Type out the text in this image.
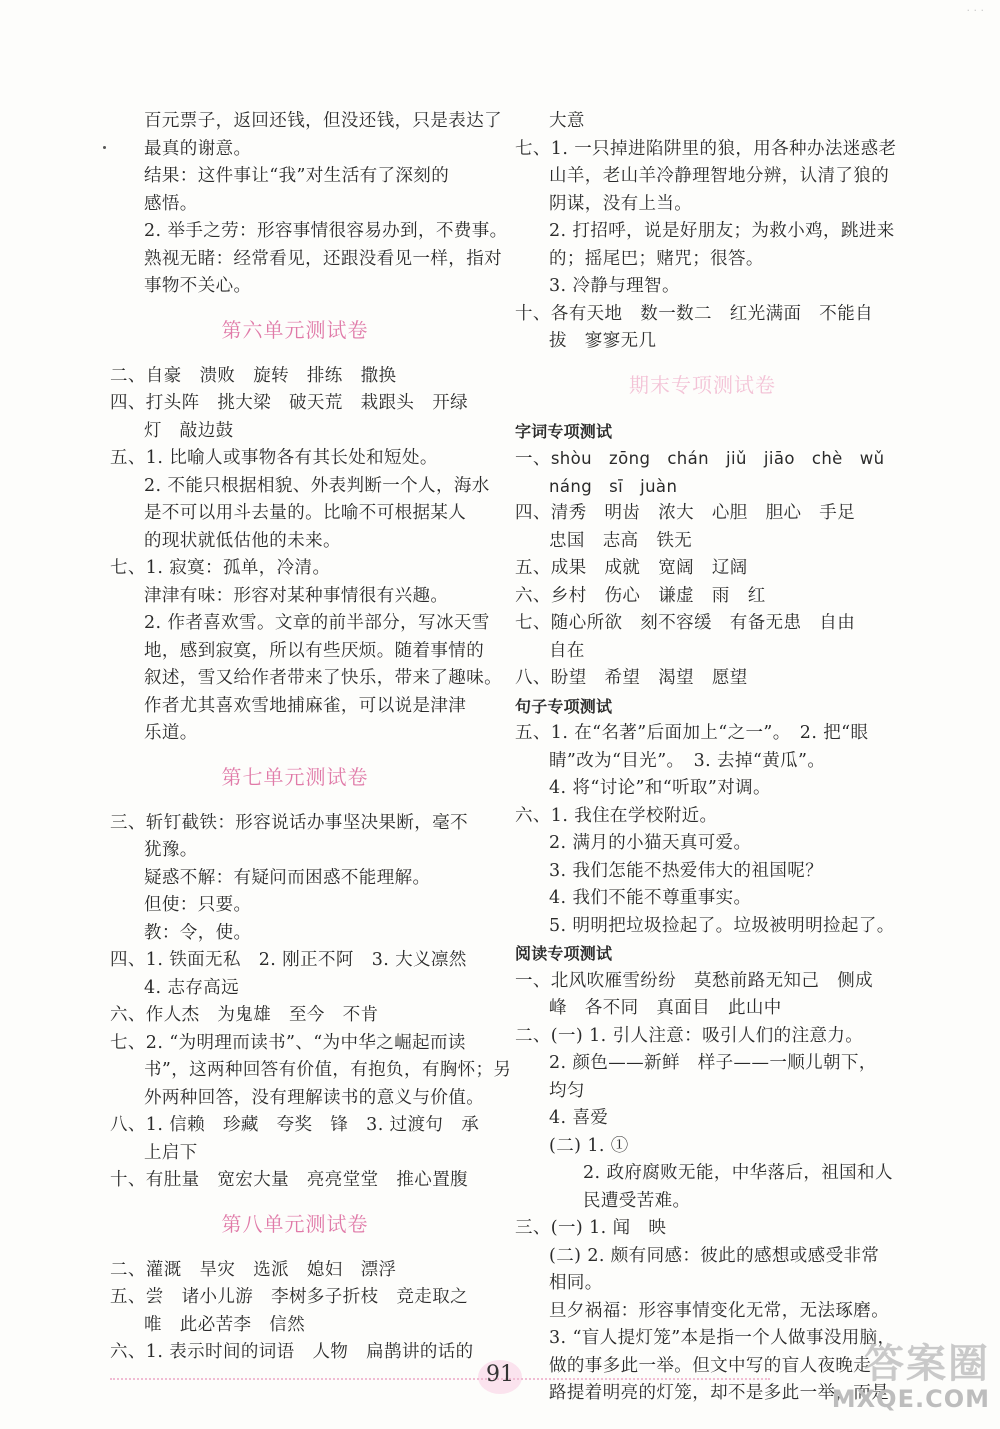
· · ·
百元票子，返回还钱，但没还钱，只是表达了
最真的谢意。
结果：这件事让“我”对生活有了深刻的
感悟。
2. 举手之劳：形容事情很容易办到，不费事。
熟视无睹：经常看见，还跟没看见一样，指对
事物不关心。
第六单元测试卷
二、自豪　溃败　旋转　排练　撒换
四、打头阵　挑大梁　破天荒　栽跟头　开绿
灯　敲边鼓
五、1. 比喻人或事物各有其长处和短处。
2. 不能只根据相貌、外表判断一个人，海水
是不可以用斗去量的。比喻不可根据某人
的现状就低估他的未来。
七、1. 寂寞：孤单，冷清。
津津有味：形容对某种事情很有兴趣。
2. 作者喜欢雪。文章的前半部分，写冰天雪
地，感到寂寞，所以有些厌烦。随着事情的
叙述，雪又给作者带来了快乐，带来了趣味。
作者尤其喜欢雪地捕麻雀，可以说是津津
乐道。
第七单元测试卷
三、斩钉截铁：形容说话办事坚决果断，毫不
犹豫。
疑惑不解：有疑问而困惑不能理解。
但使：只要。
教：令，使。
四、1. 铁面无私　2. 刚正不阿　3. 大义凛然
4. 志存高远
六、作人杰　为鬼雄　至今　不肯
七、2. “为明理而读书”、“为中华之崛起而读
书”，这两种回答有价值，有抱负，有胸怀；另
外两种回答，没有理解读书的意义与价值。
八、1. 信赖　珍藏　夸奖　锋　3. 过渡句　承
上启下
十、有肚量　宽宏大量　亮亮堂堂　推心置腹
第八单元测试卷
二、灌溉　旱灾　选派　媳妇　漂浮
五、尝　诸小儿游　李树多子折枝　竞走取之
唯　此必苦李　信然
六、1. 表示时间的词语　人物　扁鹊讲的话的
大意
七、1. 一只掉进陷阱里的狼，用各种办法迷惑老
山羊，老山羊冷静理智地分辨，认清了狼的
阴谋，没有上当。
2. 打招呼，说是好朋友；为救小鸡，跳进来
的；摇尾巴；赌咒；很答。
3. 冷静与理智。
十、各有天地　数一数二　红光满面　不能自
拔　寥寥无几
期末专项测试卷
字词专项测试
一、shòu zōng chán jiǔ jiāo chè wǔ
náng sī juàn
四、清秀　明齿　浓大　心胆　胆心　手足
忠国　志高　铁无
五、成果　成就　宽阔　辽阔
六、乡村　伤心　谦虚　雨　红
七、随心所欲　刻不容缓　有备无患　自由
自在
八、盼望　希望　渴望　愿望
句子专项测试
五、1. 在“名著”后面加上“之一”。　2. 把“眼
睛”改为“目光”。　3. 去掉“黄瓜”。
4. 将“讨论”和“听取”对调。
六、1. 我住在学校附近。
2. 满月的小猫天真可爱。
3. 我们怎能不热爱伟大的祖国呢？
4. 我们不能不尊重事实。
5. 明明把垃圾捡起了。垃圾被明明捡起了。
阅读专项测试
一、北风吹雁雪纷纷　莫愁前路无知己　侧成
峰　各不同　真面目　此山中
二、(一) 1. 引人注意：吸引人们的注意力。
2. 颜色——新鲜　样子——一顺儿朝下，
均匀
4. 喜爱
(二) 1. ①
2. 政府腐败无能，中华落后，祖国和人
民遭受苦难。
三、(一) 1. 闻　映
(二) 2. 颇有同感：彼此的感想或感受非常
相同。
旦夕祸福：形容事情变化无常，无法琢磨。
3. “盲人提灯笼”本是指一个人做事没用脑，
做的事多此一举。但文中写的盲人夜晚走
路提着明亮的灯笼，却不是多此一举，而是
91	答案圈
MXQE.COM
